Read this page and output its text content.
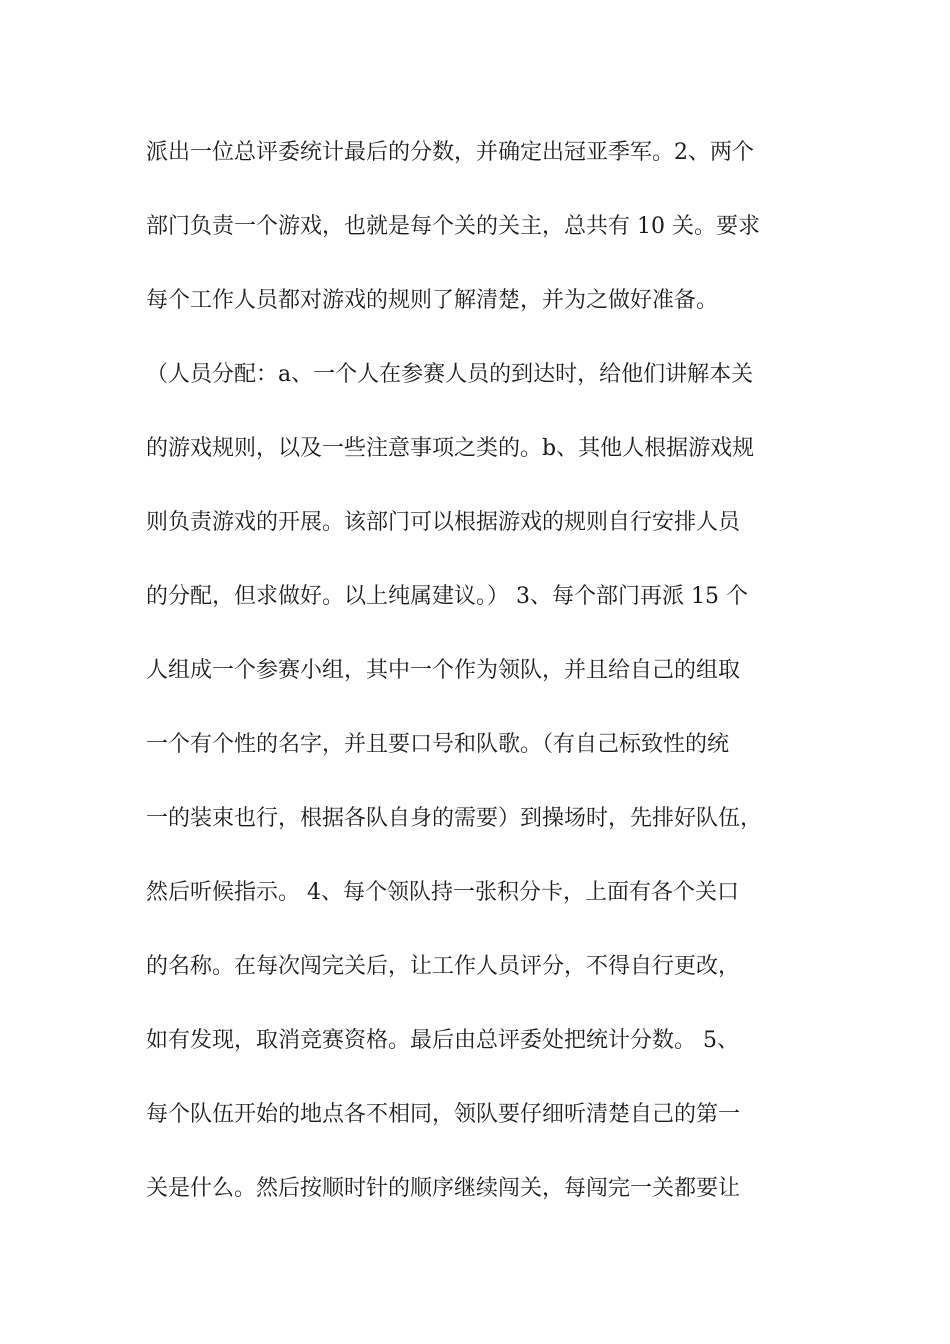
派出一位总评委统计最后的分数，并确定出冠亚季军。2、两个
部门负责一个游戏，也就是每个关的关主，总共有 10 关。要求
每个工作人员都对游戏的规则了解清楚，并为之做好准备。
（人员分配：a、一个人在参赛人员的到达时，给他们讲解本关
的游戏规则，以及一些注意事项之类的。b、其他人根据游戏规
则负责游戏的开展。该部门可以根据游戏的规则自行安排人员
的分配，但求做好。以上纯属建议。） 3、每个部门再派 15 个
人组成一个参赛小组，其中一个作为领队，并且给自己的组取
一个有个性的名字，并且要口号和队歌。（有自己标致性的统
一的装束也行，根据各队自身的需要）到操场时，先排好队伍，
然后听候指示。 4、每个领队持一张积分卡，上面有各个关口
的名称。在每次闯完关后，让工作人员评分，不得自行更改，
如有发现，取消竞赛资格。最后由总评委处把统计分数。 5、
每个队伍开始的地点各不相同，领队要仔细听清楚自己的第一
关是什么。然后按顺时针的顺序继续闯关，每闯完一关都要让
